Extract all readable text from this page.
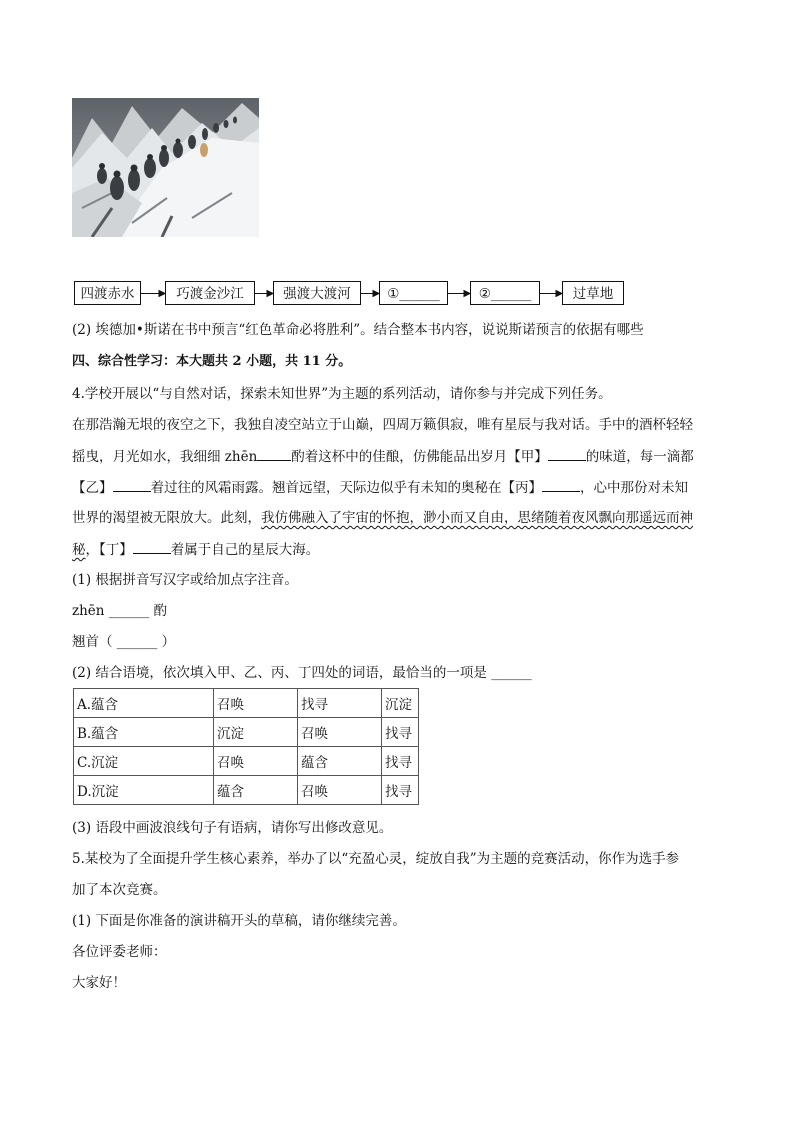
四渡赤水	巧渡金沙江	强渡大渡河	①______	②______	过草地
(2) 埃德加•斯诺在书中预言“红色革命必将胜利”。结合整本书内容，说说斯诺预言的依据有哪些
四、综合性学习：本大题共 2 小题，共 11 分。
4.学校开展以“与自然对话，探索未知世界”为主题的系列活动，请你参与并完成下列任务。
在那浩瀚无垠的夜空之下，我独自凌空站立于山巅，四周万籁俱寂，唯有星辰与我对话。手中的酒杯轻轻
摇曳，月光如水，我细细 zhēn	酌着这杯中的佳酿，仿佛能品出岁月【甲】	的味道，每一滴都
【乙】	着过往的风霜雨露。翘首远望，天际边似乎有未知的奥秘在【丙】	，心中那份对未知
世界的渴望被无限放大。此刻，我仿佛融入了宇宙的怀抱，渺小而又自由，思绪随着夜风飘向那遥远而神
秘，【丁】	着属于自己的星辰大海。
(1) 根据拼音写汉字或给加点字注音。
zhēn ______ 酌
翘首（ ______ ）
(2) 结合语境，依次填入甲、乙、丙、丁四处的词语，最恰当的一项是 ______
A.蕴含	召唤	找寻	沉淀
B.蕴含	沉淀	召唤	找寻
C.沉淀	召唤	蕴含	找寻
D.沉淀	蕴含	召唤	找寻
(3) 语段中画波浪线句子有语病，请你写出修改意见。
5.某校为了全面提升学生核心素养，举办了以“充盈心灵，绽放自我”为主题的竞赛活动，你作为选手参
加了本次竞赛。
(1) 下面是你准备的演讲稿开头的草稿，请你继续完善。
各位评委老师：
大家好！
